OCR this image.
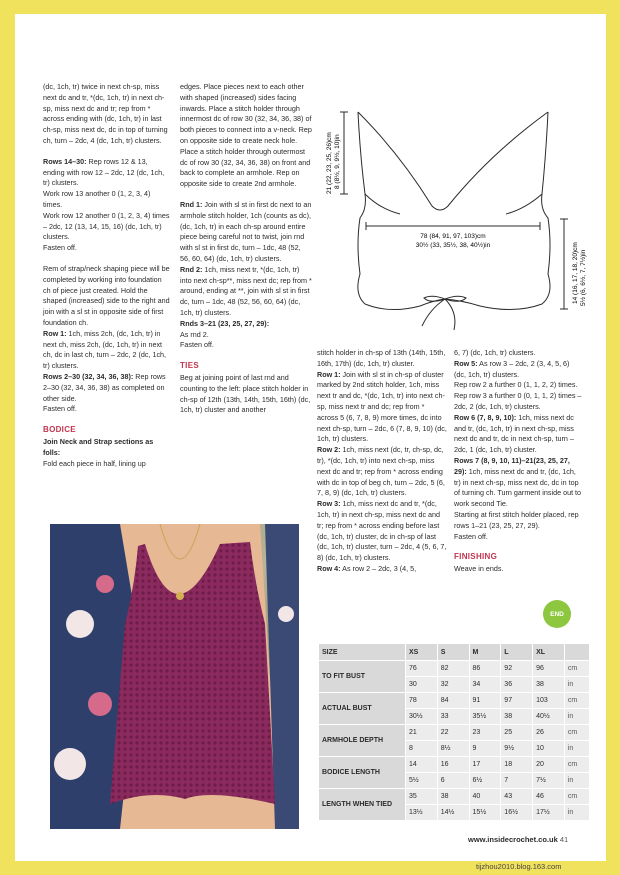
(dc, 1ch, tr) twice in next ch-sp, miss next dc and tr, *(dc, 1ch, tr) in next ch-sp, miss next dc and tr; rep from * across ending with (dc, 1ch, tr) in last ch-sp, miss next dc, dc in top of turning ch, turn – 2dc, 4 (dc, 1ch, tr) clusters.

Rows 14–30: Rep rows 12 & 13, ending with row 12 – 2dc, 12 (dc, 1ch, tr) clusters.

Work row 13 another 0 (1, 2, 3, 4) times.

Work row 12 another 0 (1, 2, 3, 4) times – 2dc, 12 (13, 14, 15, 16) (dc, 1ch, tr) clusters.

Fasten off.

Rem of strap/neck shaping piece will be completed by working into foundation ch of piece just created. Hold the shaped (increased) side to the right and join with a sl st in opposite side of first foundation ch.

Row 1: 1ch, miss 2ch, (dc, 1ch, tr) in next ch, miss 2ch, (dc, 1ch, tr) in next ch, dc in last ch, turn – 2dc, 2 (dc, 1ch, tr) clusters.

Rows 2–30 (32, 34, 36, 38): Rep rows 2–30 (32, 34, 36, 38) as completed on other side.

Fasten off.

BODICE
Join Neck and Strap sections as folls:
Fold each piece in half, lining up

edges. Place pieces next to each other with shaped (increased) sides facing inwards. Place a stitch holder through innermost dc of row 30 (32, 34, 36, 38) of both pieces to connect into a v-neck. Rep on opposite side to create neck hole. Place a stitch holder through outermost dc of row 30 (32, 34, 36, 38) on front and back to complete an armhole. Rep on opposite side to create 2nd armhole.

Rnd 1: Join with sl st in first dc next to an armhole stitch holder, 1ch (counts as dc), (dc, 1ch, tr) in each ch-sp around entire piece being careful not to twist, join rnd with sl st in first dc, turn – 1dc, 48 (52, 56, 60, 64) (dc, 1ch, tr) clusters.

Rnd 2: 1ch, miss next tr, *(dc, 1ch, tr) into next ch-sp**, miss next dc; rep from * around, ending at **, join with sl st in first dc, turn – 1dc, 48 (52, 56, 60, 64) (dc, 1ch, tr) clusters.

Rnds 3–21 (23, 25, 27, 29):
As rnd 2.

Fasten off.

TIES
Beg at joining point of last rnd and counting to the left: place stitch holder in ch-sp of 12th (13th, 14th, 15th, 16th) (dc, 1ch, tr) cluster and another
21 (22, 23, 25, 26)cm 8 (8½, 9, 9½, 10)in
78 (84, 91, 97, 103)cm
30½ (33, 35½, 38, 40½)in	14 (16, 17, 18, 20)cm 5½ (6, 6½, 7, 7½)in

stitch holder in ch-sp of 13th (14th, 15th, 16th, 17th) (dc, 1ch, tr) cluster.

Row 1: Join with sl st in ch-sp of cluster marked by 2nd stitch holder, 1ch, miss next tr and dc, *(dc, 1ch, tr) into next ch-sp, miss next tr and dc; rep from * across 5 (6, 7, 8, 9) more times, dc into next ch-sp, turn – 2dc, 6 (7, 8, 9, 10) (dc, 1ch, tr) clusters.

Row 2: 1ch, miss next (dc, tr, ch-sp, dc, tr), *(dc, 1ch, tr) into next ch-sp, miss next dc and tr; rep from * across ending with dc in top of beg ch, turn – 2dc, 5 (6, 7, 8, 9) (dc, 1ch, tr) clusters.

Row 3: 1ch, miss next dc and tr, *(dc, 1ch, tr) in next ch-sp, miss next dc and tr; rep from * across ending before last (dc, 1ch, tr) cluster, dc in ch-sp of last (dc, 1ch, tr) cluster, turn – 2dc, 4 (5, 6, 7, 8) (dc, 1ch, tr) clusters.

Row 4: As row 2 – 2dc, 3 (4, 5,

6, 7) (dc, 1ch, tr) clusters.

Row 5: As row 3 – 2dc, 2 (3, 4, 5, 6) (dc, 1ch, tr) clusters.

Rep row 2 a further 0 (1, 1, 2, 2) times.

Rep row 3 a further 0 (0, 1, 1, 2) times – 2dc, 2 (dc, 1ch, tr) clusters.

Row 6 (7, 8, 9, 10): 1ch, miss next dc and tr, (dc, 1ch, tr) in next ch-sp, miss next dc and tr, dc in next ch-sp, turn – 2dc, 1 (dc, 1ch, tr) cluster.

Rows 7 (8, 9, 10, 11)–21(23, 25, 27, 29): 1ch, miss next dc and tr, (dc, 1ch, tr) in next ch-sp, miss next dc, dc in top of turning ch. Turn garment inside out to work second Tie.

Starting at first stitch holder placed, rep rows 1–21 (23, 25, 27, 29).

Fasten off.

FINISHING
Weave in ends.
END
SIZE	XS	S	M	L	XL	
TO FIT BUST	76	82	86	92	96	cm
	30	32	34	36	38	in
ACTUAL BUST	78	84	91	97	103	cm
	30½	33	35½	38	40½	in
ARMHOLE DEPTH	21	22	23	25	26	cm
	8	8½	9	9½	10	in
BODICE LENGTH	14	16	17	18	20	cm
	5½	6	6½	7	7½	in
LENGTH WHEN TIED	35	38	40	43	46	cm
	13½	14½	15½	16½	17½	in
www.insidecrochet.co.uk 41
tijzhou2010.blog.163.com
